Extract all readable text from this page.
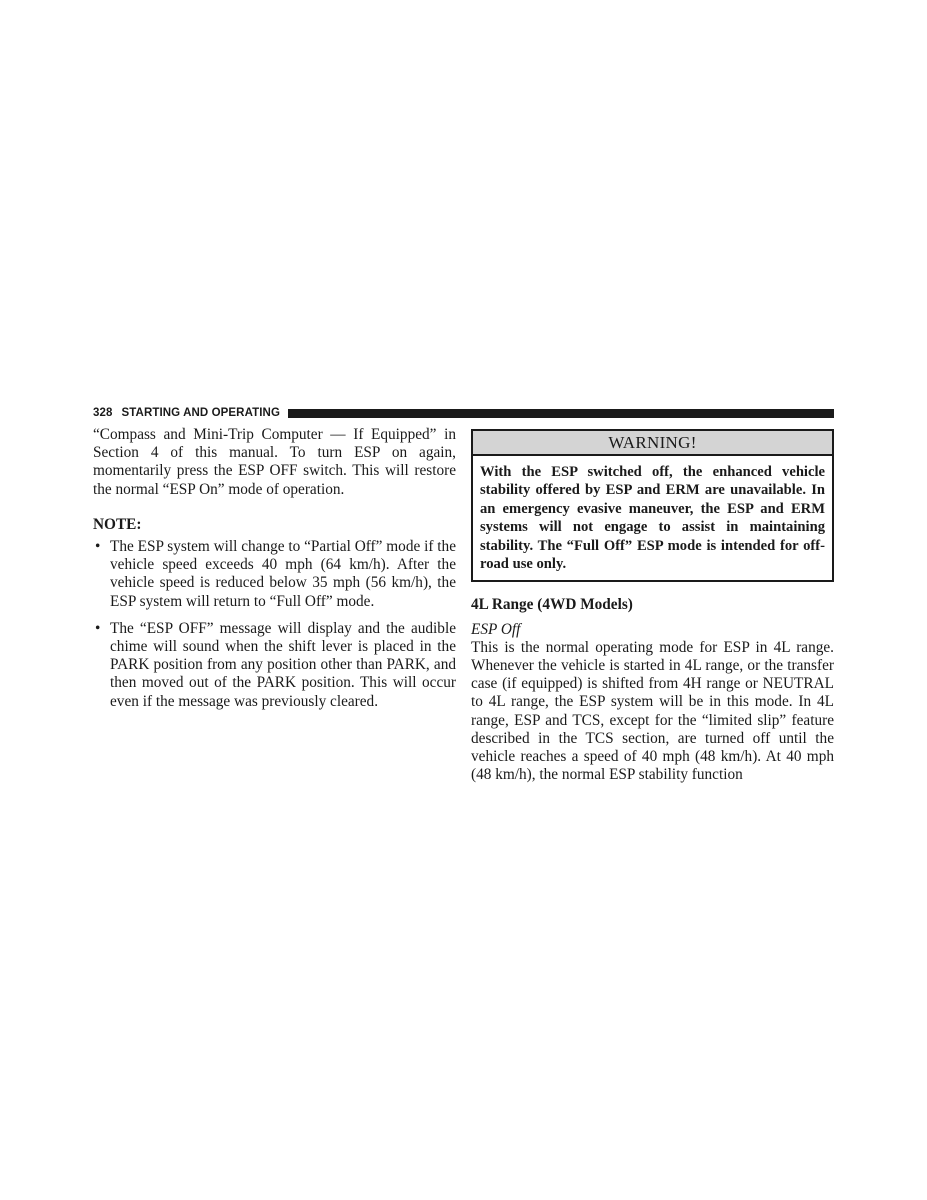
328 STARTING AND OPERATING

“Compass and Mini-Trip Computer — If Equipped” in Section 4 of this manual. To turn ESP on again, momentarily press the ESP OFF switch. This will restore the normal “ESP On” mode of operation.

NOTE:

• The ESP system will change to “Partial Off” mode if the vehicle speed exceeds 40 mph (64 km/h). After the vehicle speed is reduced below 35 mph (56 km/h), the ESP system will return to “Full Off” mode.
• The “ESP OFF” message will display and the audible chime will sound when the shift lever is placed in the PARK position from any position other than PARK, and then moved out of the PARK position. This will occur even if the message was previously cleared.
WARNING!
With the ESP switched off, the enhanced vehicle stability offered by ESP and ERM are unavailable. In an emergency evasive maneuver, the ESP and ERM systems will not engage to assist in maintaining stability. The “Full Off” ESP mode is intended for off-road use only.

4L Range (4WD Models)

ESP Off

This is the normal operating mode for ESP in 4L range. Whenever the vehicle is started in 4L range, or the transfer case (if equipped) is shifted from 4H range or NEUTRAL to 4L range, the ESP system will be in this mode. In 4L range, ESP and TCS, except for the “limited slip” feature described in the TCS section, are turned off until the vehicle reaches a speed of 40 mph (48 km/h). At 40 mph (48 km/h), the normal ESP stability function
